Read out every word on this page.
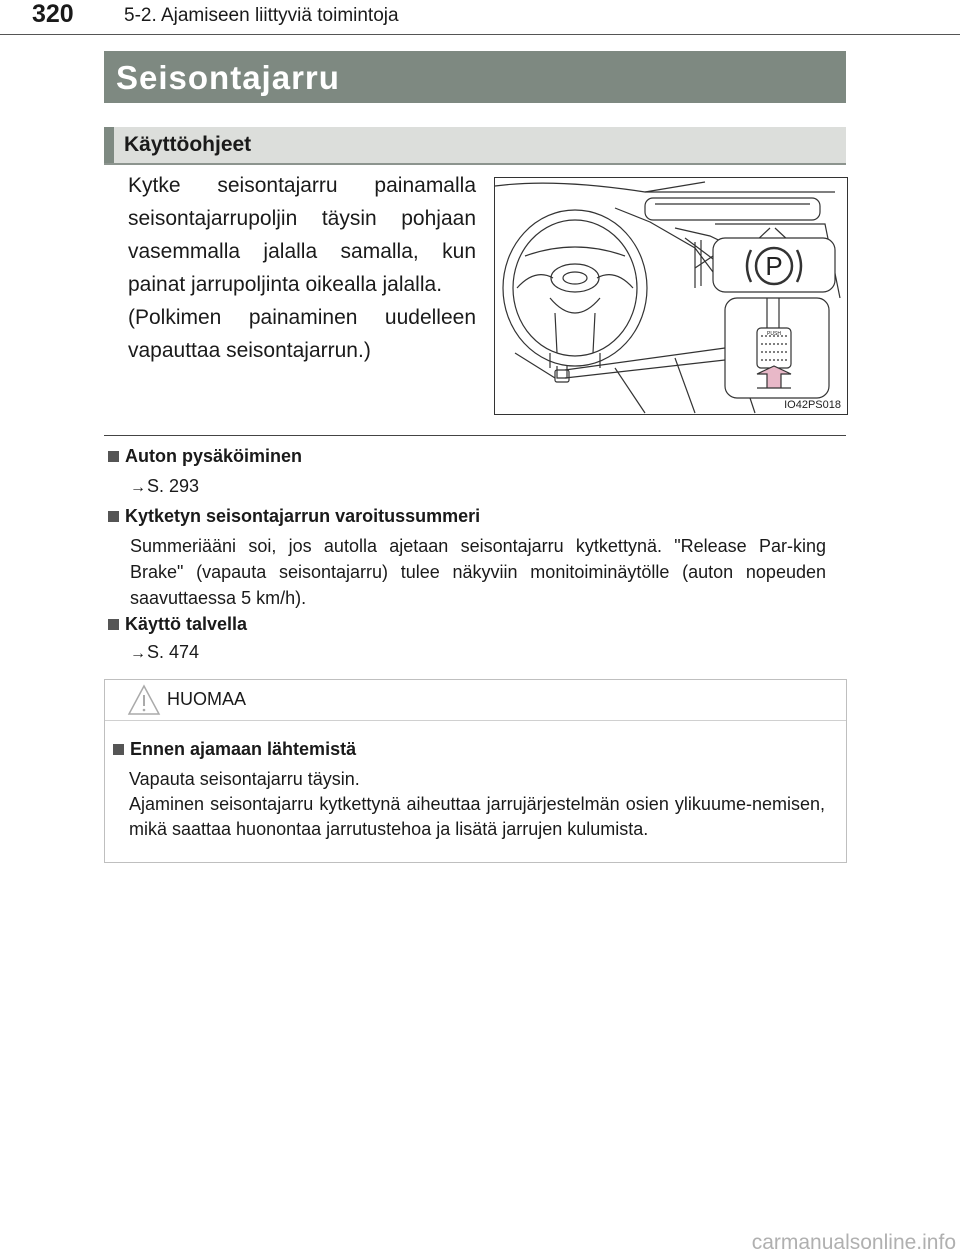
320	5-2. Ajamiseen liittyviä toimintoja
Seisontajarru
Käyttöohjeet

Kytke seisontajarru painamalla seisontajarrupoljin täysin pohjaan vasemmalla jalalla samalla, kun painat jarrupoljinta oikealla jalalla.

(Polkimen painaminen uudelleen vapauttaa seisontajarrun.)

P
PUSH
IO42PS018
Auton pysäköiminen
→S. 293
Kytketyn seisontajarrun varoitussummeri

Summeriääni soi, jos autolla ajetaan seisontajarru kytkettynä. "Release Par-king Brake" (vapauta seisontajarru) tulee näkyviin monitoiminäytölle (auton nopeuden saavuttaessa 5 km/h).

Käyttö talvella
→S. 474
HUOMAA
Ennen ajamaan lähtemistä

Vapauta seisontajarru täysin.

Ajaminen seisontajarru kytkettynä aiheuttaa jarrujärjestelmän osien ylikuume-nemisen, mikä saattaa huonontaa jarrutustehoa ja lisätä jarrujen kulumista.

carmanualsonline.info
